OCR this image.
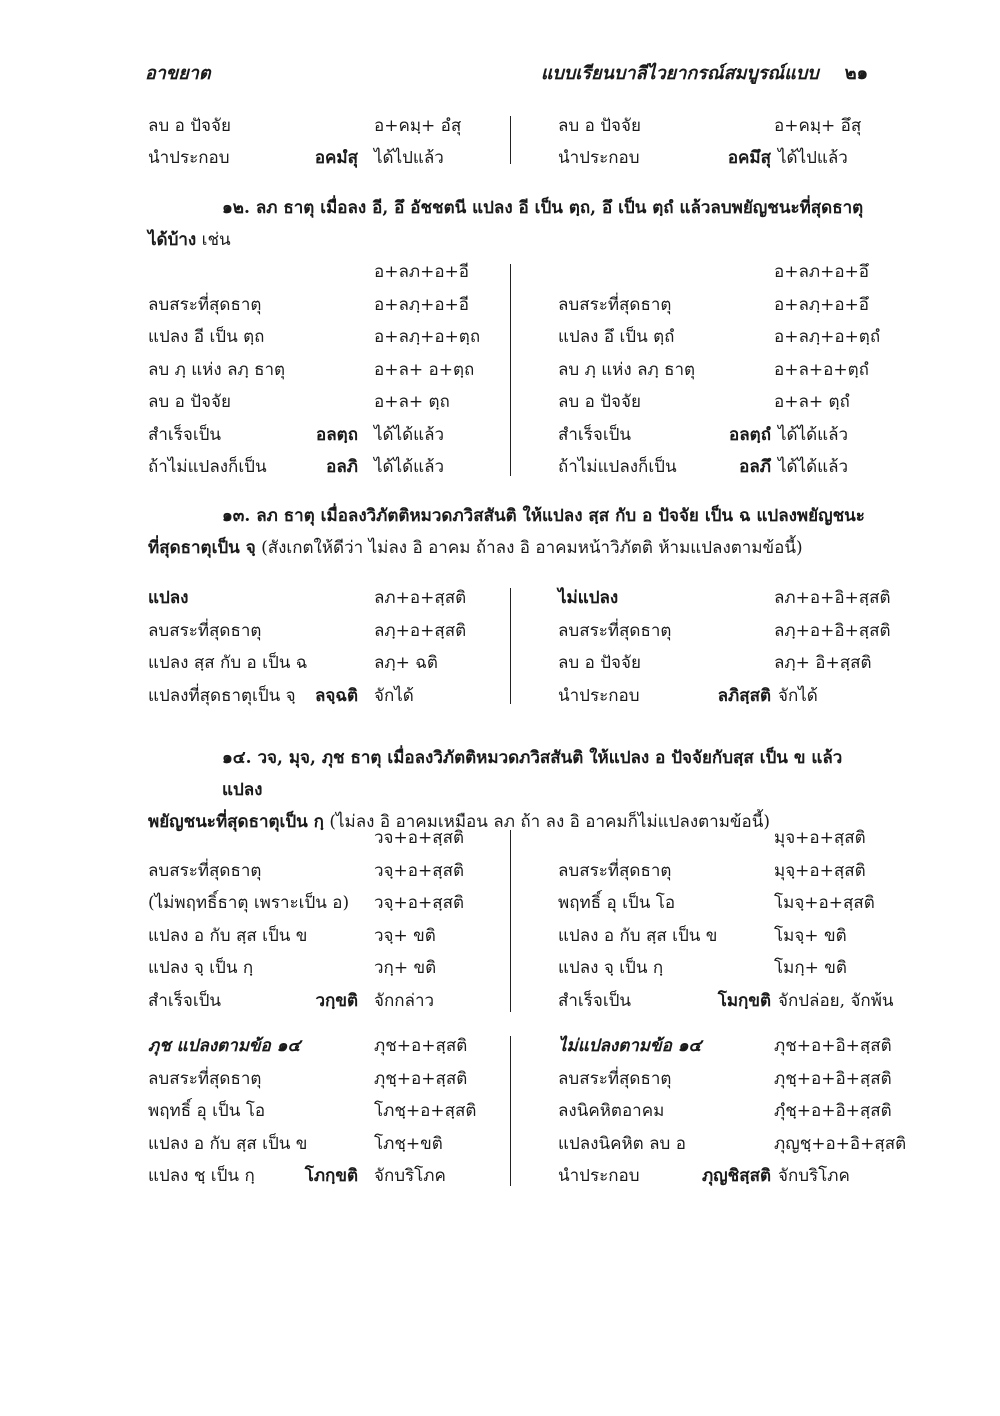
อาขยาต	แบบเรียนบาลีไวยากรณ์สมบูรณ์แบบ ๒๑
ลบ อ ปัจจัย	อ+คมฺ+ อํสุ
นำประกอบ	อคมํสุ ได้ไปแล้ว
ลบ อ ปัจจัย	อ+คมฺ+ อึสุ
นำประกอบ	อคมึสุ ได้ไปแล้ว
๑๒. ลภ ธาตุ เมื่อลง อี, อึ อัชชตนี แปลง อี เป็น ตฺถ, อึ เป็น ตฺถํ แล้วลบพยัญชนะที่สุดธาตุ
ได้บ้าง เช่น
อ+ลภ+อ+อี
ลบสระที่สุดธาตุ	อ+ลภฺ+อ+อี
แปลง อี เป็น ตฺถ	อ+ลภฺ+อ+ตฺถ
ลบ ภฺ แห่ง ลภฺ ธาตุ	อ+ล+ อ+ตฺถ
ลบ อ ปัจจัย	อ+ล+ ตฺถ
สำเร็จเป็น	อลตฺถ ได้ได้แล้ว
ถ้าไม่แปลงก็เป็น	อลภิ ได้ได้แล้ว
อ+ลภ+อ+อึ
ลบสระที่สุดธาตุ	อ+ลภฺ+อ+อึ
แปลง อึ เป็น ตฺถํ	อ+ลภฺ+อ+ตฺถํ
ลบ ภฺ แห่ง ลภฺ ธาตุ	อ+ล+อ+ตฺถํ
ลบ อ ปัจจัย	อ+ล+ ตฺถํ
สำเร็จเป็น	อลตฺถํ ได้ได้แล้ว
ถ้าไม่แปลงก็เป็น	อลภึ ได้ได้แล้ว
๑๓. ลภ ธาตุ เมื่อลงวิภัตติหมวดภวิสสันติ ให้แปลง สฺส กับ อ ปัจจัย เป็น ฉ แปลงพยัญชนะ
ที่สุดธาตุเป็น จฺ (สังเกตให้ดีว่า ไม่ลง อิ อาคม ถ้าลง อิ อาคมหน้าวิภัตติ ห้ามแปลงตามข้อนี้)
แปลง	ลภ+อ+สฺสติ
ลบสระที่สุดธาตุ	ลภฺ+อ+สฺสติ
แปลง สฺส กับ อ เป็น ฉ	ลภฺ+ ฉติ
แปลงที่สุดธาตุเป็น จฺ ลจฺฉติ จักได้
ไม่แปลง	ลภ+อ+อิ+สฺสติ
ลบสระที่สุดธาตุ	ลภฺ+อ+อิ+สฺสติ
ลบ อ ปัจจัย	ลภฺ+ อิ+สฺสติ
นำประกอบ	ลภิสฺสติ จักได้
๑๔. วจ, มุจ, ภุช ธาตุ เมื่อลงวิภัตติหมวดภวิสสันติ ให้แปลง อ ปัจจัยกับสฺส เป็น ข แล้วแปลง
พยัญชนะที่สุดธาตุเป็น กฺ (ไม่ลง อิ อาคมเหมือน ลภ ถ้า ลง อิ อาคมก็ไม่แปลงตามข้อนี้)
วจ+อ+สฺสติ
ลบสระที่สุดธาตุ	วจฺ+อ+สฺสติ
(ไม่พฤทธิ์ธาตุ เพราะเป็น อ) วจฺ+อ+สฺสติ
แปลง อ กับ สฺส เป็น ข	วจฺ+ ขติ
แปลง จฺ เป็น กฺ	วกฺ+ ขติ
สำเร็จเป็น	วกฺขติ จักกล่าว
มุจ+อ+สฺสติ
ลบสระที่สุดธาตุ	มุจฺ+อ+สฺสติ
พฤทธิ์ อุ เป็น โอ	โมจฺ+อ+สฺสติ
แปลง อ กับ สฺส เป็น ข	โมจฺ+ ขติ
แปลง จฺ เป็น กฺ	โมกฺ+ ขติ
สำเร็จเป็น	โมกฺขติ จักปล่อย, จักพ้น
ภุช แปลงตามข้อ ๑๔	ภุช+อ+สฺสติ
ลบสระที่สุดธาตุ	ภุชฺ+อ+สฺสติ
พฤทธิ์ อุ เป็น โอ	โภชฺ+อ+สฺสติ
แปลง อ กับ สฺส เป็น ข	โภชฺ+ขติ
แปลง ชฺ เป็น กฺ	โภกฺขติ จักบริโภค
ไม่แปลงตามข้อ ๑๔	ภุช+อ+อิ+สฺสติ
ลบสระที่สุดธาตุ	ภุชฺ+อ+อิ+สฺสติ
ลงนิคหิตอาคม	ภุํชฺ+อ+อิ+สฺสติ
แปลงนิคหิต ลบ อ	ภุญชฺ+อ+อิ+สฺสติ
นำประกอบ	ภุญชิสฺสติ จักบริโภค
